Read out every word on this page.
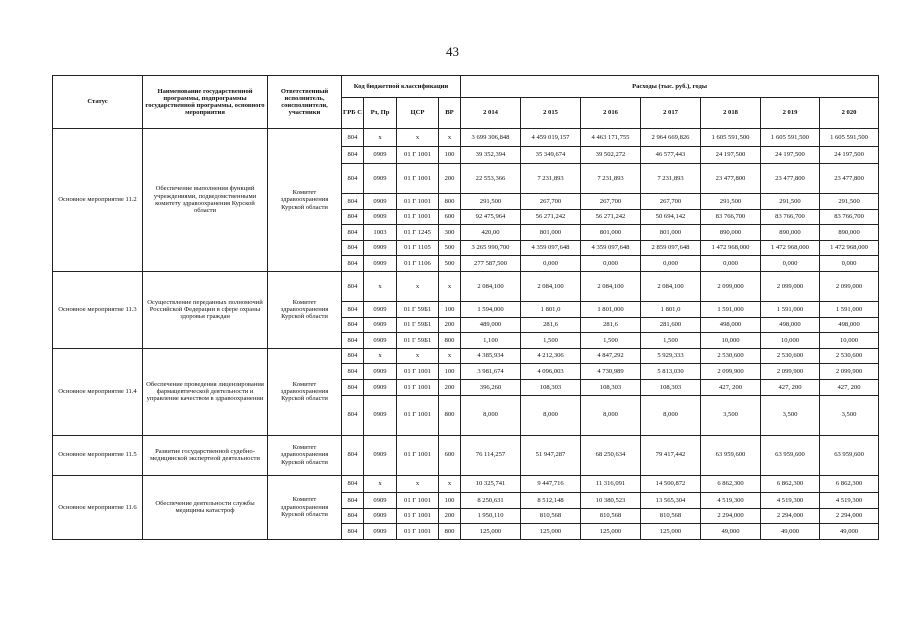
43
Статус	Наименование государственной программы, подпрограммы государственной программы, основного мероприятия	Ответственный исполнитель, соисполнители, участники	Код бюджетной классификации				Расходы (тыс. руб.), годы						
			ГРБ С	Рз, Пр	ЦСР	ВР	2 014	2 015	2 016	2 017	2 018	2 019	2 020
Основное мероприятие 11.2	Обеспечение выполнения функций учреждениями, подведомственными комитету здравоохранения Курской области	Комитет здравоохранения Курской области	804	x	x	x	3 699 306,848	4 459 019,157	4 463 171,755	2 964 669,826	1 605 591,500	1 605 591,500	1 605 591,500
			804	0909	01 Г 1001	100	39 352,394	35 349,674	39 502,272	46 577,443	24 197,500	24 197,500	24 197,500
			804	0909	01 Г 1001	200	22 553,366	7 231,893	7 231,893	7 231,893	23 477,800	23 477,800	23 477,800
			804	0909	01 Г 1001	800	291,500	267,700	267,700	267,700	291,500	291,500	291,500
			804	0909	01 Г 1001	600	92 475,964	56 271,242	56 271,242	50 694,142	83 766,700	83 766,700	83 766,700
			804	1003	01 Г 1245	300	420,00	801,000	801,000	801,000	890,000	890,000	890,000
			804	0909	01 Г 1105	500	3 265 990,700	4 359 097,648	4 359 097,648	2 859 097,648	1 472 968,000	1 472 968,000	1 472 968,000
			804	0909	01 Г 1106	500	277 587,500	0,000	0,000	0,000	0,000	0,000	0,000
Основное мероприятие 11.3	Осуществление переданных полномочий Российской Федерации в сфере охраны здоровья граждан	Комитет здравоохранения Курской области	804	x	x	x	2 084,100	2 084,100	2 084,100	2 084,100	2 099,000	2 099,000	2 099,000
			804	0909	01 Г 59Б1	100	1 594,000	1 801,0	1 801,000	1 801,0	1 591,000	1 591,000	1 591,000
			804	0909	01 Г 59Б1	200	489,000	281,6	281,6	281,600	498,000	498,000	498,000
			804	0909	01 Г 59Б1	800	1,100	1,500	1,500	1,500	10,000	10,000	10,000
Основное мероприятие 11.4	Обеспечение проведения лицензирования фармацевтической деятельности и управление качеством в здравоохранении	Комитет здравоохранения Курской области	804	x	x	x	4 385,934	4 212,306	4 847,292	5 929,333	2 530,600	2 530,600	2 530,600
			804	0909	01 Г 1001	100	3 981,674	4 096,003	4 730,989	5 813,030	2 099,900	2 099,900	2 099,900
			804	0909	01 Г 1001	200	396,260	108,303	108,303	108,303	427, 200	427, 200	427, 200
			804	0909	01 Г 1001	800	8,000	8,000	8,000	8,000	3,500	3,500	3,500
Основное мероприятие 11.5	Развитие государственной судебно-медицинской экспертной деятельности	Комитет здравоохранения Курской области	804	0909	01 Г 1001	600	76 114,257	51 947,287	68 250,634	79 417,442	63 959,600	63 959,600	63 959,600
Основное мероприятие 11.6	Обеспечение деятельности службы медицины катастроф	Комитет здравоохранения Курской области	804	x	x	x	10 325,741	9 447,716	11 316,091	14 500,872	6 862,300	6 862,300	6 862,300
			804	0909	01 Г 1001	100	8 250,631	8 512,148	10 380,523	13 565,304	4 519,300	4 519,300	4 519,300
			804	0909	01 Г 1001	200	1 950,110	810,568	810,568	810,568	2 294,000	2 294,000	2 294,000
			804	0909	01 Г 1001	800	125,000	125,000	125,000	125,000	49,000	49,000	49,000
